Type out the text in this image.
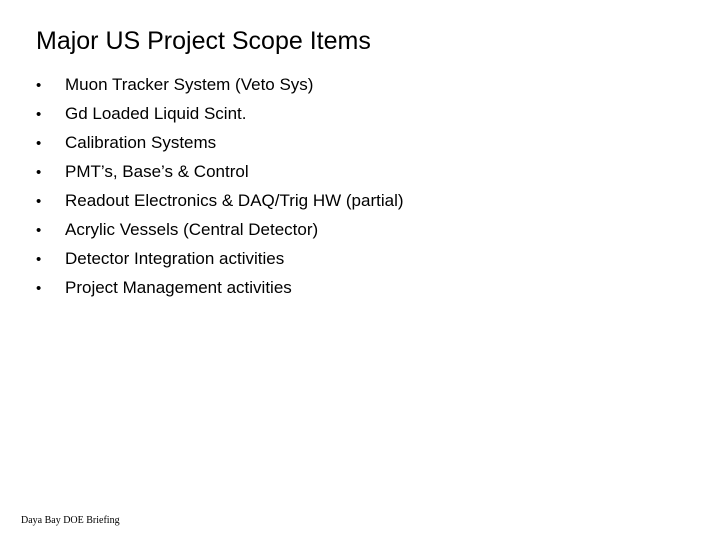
Major US Project Scope Items
•	Muon Tracker System (Veto Sys)
•	Gd Loaded Liquid Scint.
•	Calibration Systems
•	PMT’s, Base’s & Control
•	Readout Electronics & DAQ/Trig HW (partial)
•	Acrylic Vessels (Central Detector)
•	Detector Integration activities
•	Project Management activities
Daya Bay DOE Briefing
